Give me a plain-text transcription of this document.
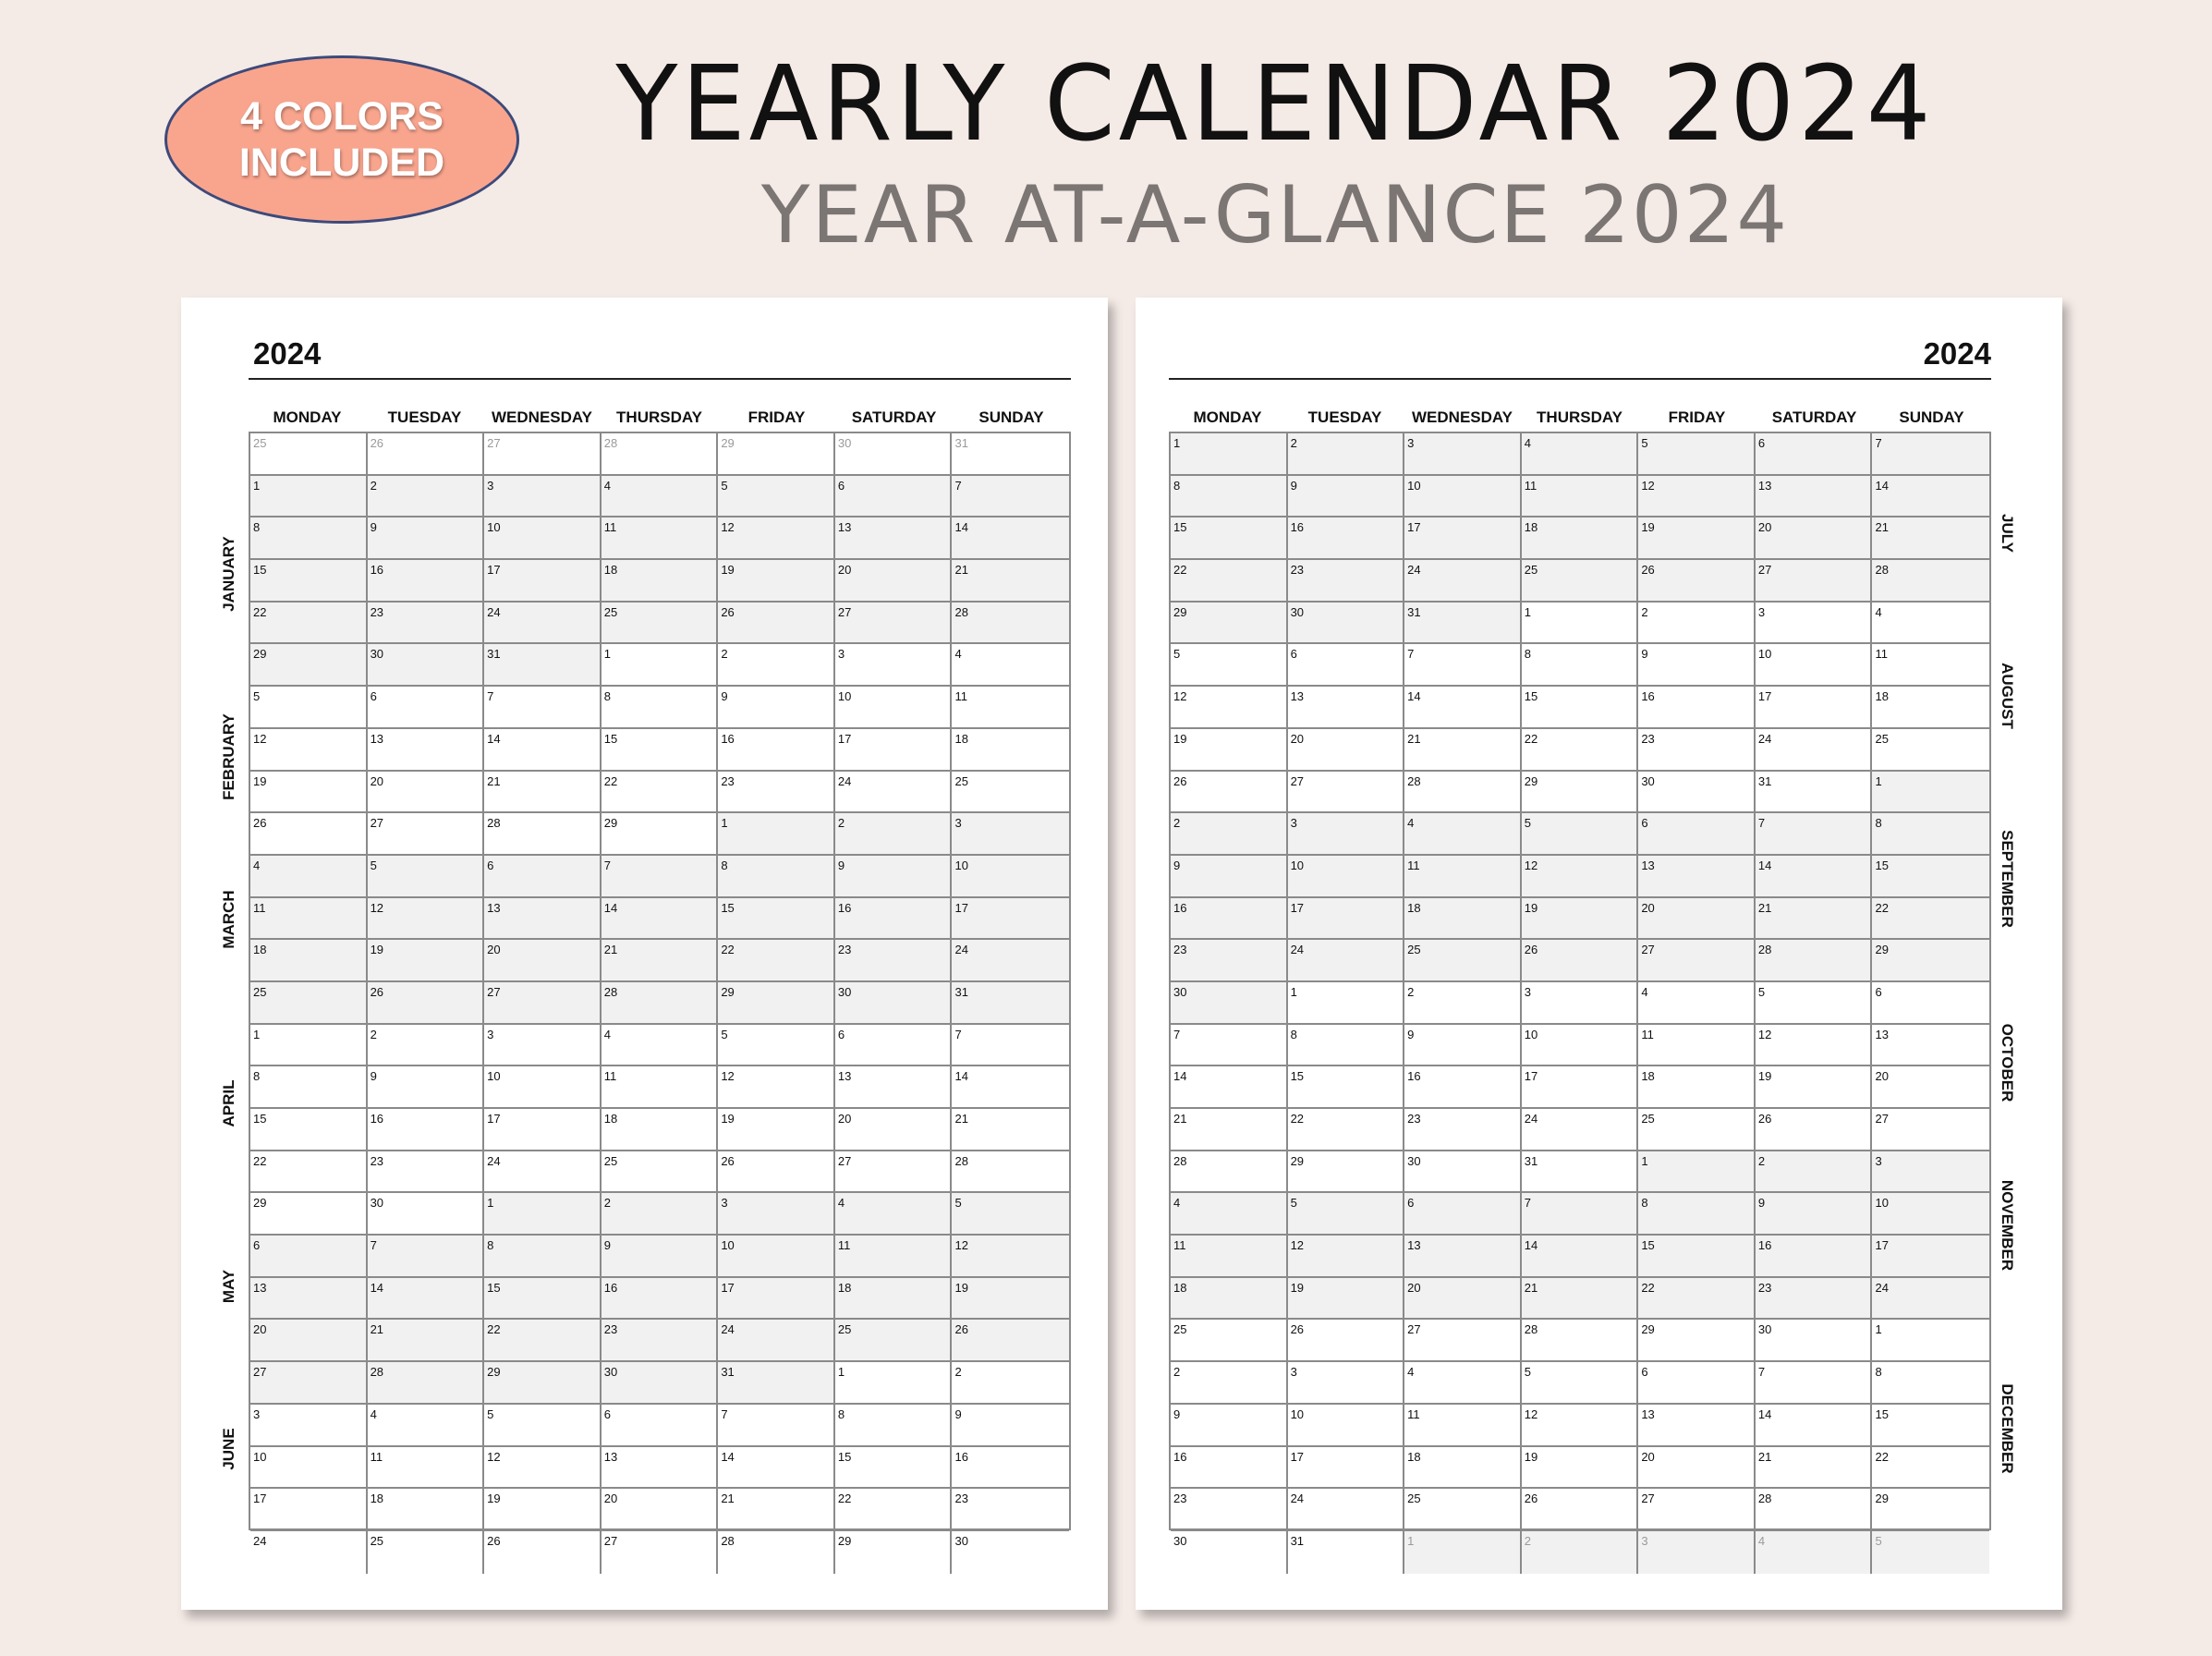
4 COLORS
INCLUDED	YEARLY CALENDAR 2024
YEAR AT-A-GLANCE 2024
2024
MONDAY	TUESDAY	WEDNESDAY	THURSDAY	FRIDAY	SATURDAY	SUNDAY
25	26	27	28	29	30	31
1	2	3	4	5	6	7
8	9	10	11	12	13	14
15	16	17	18	19	20	21
22	23	24	25	26	27	28
29	30	31	1	2	3	4
5	6	7	8	9	10	11
12	13	14	15	16	17	18
19	20	21	22	23	24	25
26	27	28	29	1	2	3
4	5	6	7	8	9	10
11	12	13	14	15	16	17
18	19	20	21	22	23	24
25	26	27	28	29	30	31
1	2	3	4	5	6	7
8	9	10	11	12	13	14
15	16	17	18	19	20	21
22	23	24	25	26	27	28
29	30	1	2	3	4	5
6	7	8	9	10	11	12
13	14	15	16	17	18	19
20	21	22	23	24	25	26
27	28	29	30	31	1	2
3	4	5	6	7	8	9
10	11	12	13	14	15	16
17	18	19	20	21	22	23
24	25	26	27	28	29	30
JANUARY
FEBRUARY
MARCH
APRIL
MAY
JUNE
2024
MONDAY	TUESDAY	WEDNESDAY	THURSDAY	FRIDAY	SATURDAY	SUNDAY
1	2	3	4	5	6	7
8	9	10	11	12	13	14
15	16	17	18	19	20	21
22	23	24	25	26	27	28
29	30	31	1	2	3	4
5	6	7	8	9	10	11
12	13	14	15	16	17	18
19	20	21	22	23	24	25
26	27	28	29	30	31	1
2	3	4	5	6	7	8
9	10	11	12	13	14	15
16	17	18	19	20	21	22
23	24	25	26	27	28	29
30	1	2	3	4	5	6
7	8	9	10	11	12	13
14	15	16	17	18	19	20
21	22	23	24	25	26	27
28	29	30	31	1	2	3
4	5	6	7	8	9	10
11	12	13	14	15	16	17
18	19	20	21	22	23	24
25	26	27	28	29	30	1
2	3	4	5	6	7	8
9	10	11	12	13	14	15
16	17	18	19	20	21	22
23	24	25	26	27	28	29
30	31	1	2	3	4	5
JULY
AUGUST
SEPTEMBER
OCTOBER
NOVEMBER
DECEMBER
